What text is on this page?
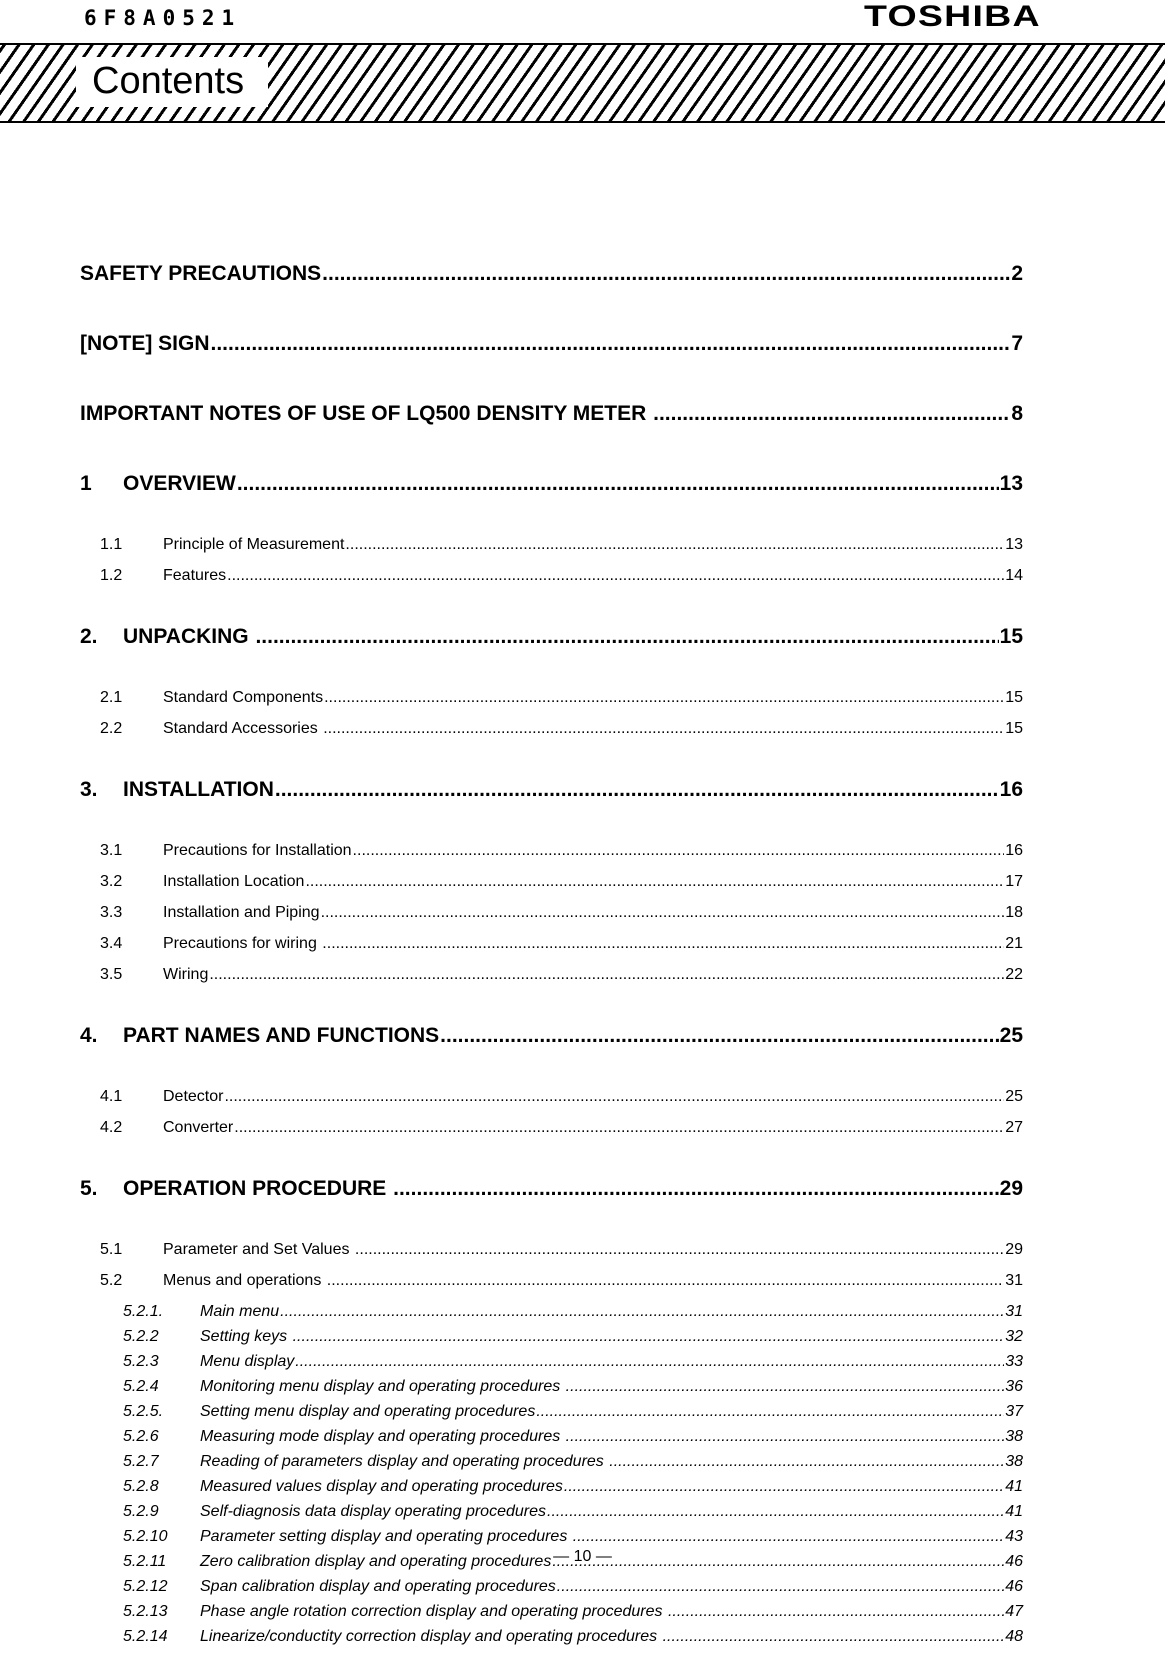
6F8A0521	TOSHIBA
Contents
SAFETY PRECAUTIONS .....	2
[NOTE] SIGN .....	7
IMPORTANT NOTES OF USE OF LQ500 DENSITY METER .....	8
1	OVERVIEW .....	13
1.1	Principle of Measurement .....	13
1.2	Features .....	14
2.	UNPACKING .....	15
2.1	Standard Components .....	15
2.2	Standard Accessories .....	15
3.	INSTALLATION .....	16
3.1	Precautions for Installation .....	16
3.2	Installation Location .....	17
3.3	Installation and Piping .....	18
3.4	Precautions for wiring .....	21
3.5	Wiring .....	22
4.	PART NAMES AND FUNCTIONS .....	25
4.1	Detector .....	25
4.2	Converter .....	27
5.	OPERATION PROCEDURE .....	29
5.1	Parameter and Set Values .....	29
5.2	Menus and operations .....	31
5.2.1.	Main menu .....	31
5.2.2	Setting keys .....	32
5.2.3	Menu display .....	33
5.2.4	Monitoring menu display and operating procedures .....	36
5.2.5.	Setting menu display and operating procedures .....	37
5.2.6	Measuring mode display and operating procedures .....	38
5.2.7	Reading of parameters display and operating procedures .....	38
5.2.8	Measured values display and operating procedures .....	41
5.2.9	Self-diagnosis data display operating procedures .....	41
5.2.10	Parameter setting display and operating procedures .....	43
5.2.11	Zero calibration display and operating procedures .....	46
5.2.12	Span calibration display and operating procedures .....	46
5.2.13	Phase angle rotation correction display and operating procedures .....	47
5.2.14	Linearize/conductity correction display and operating procedures .....	48
— 10 —
